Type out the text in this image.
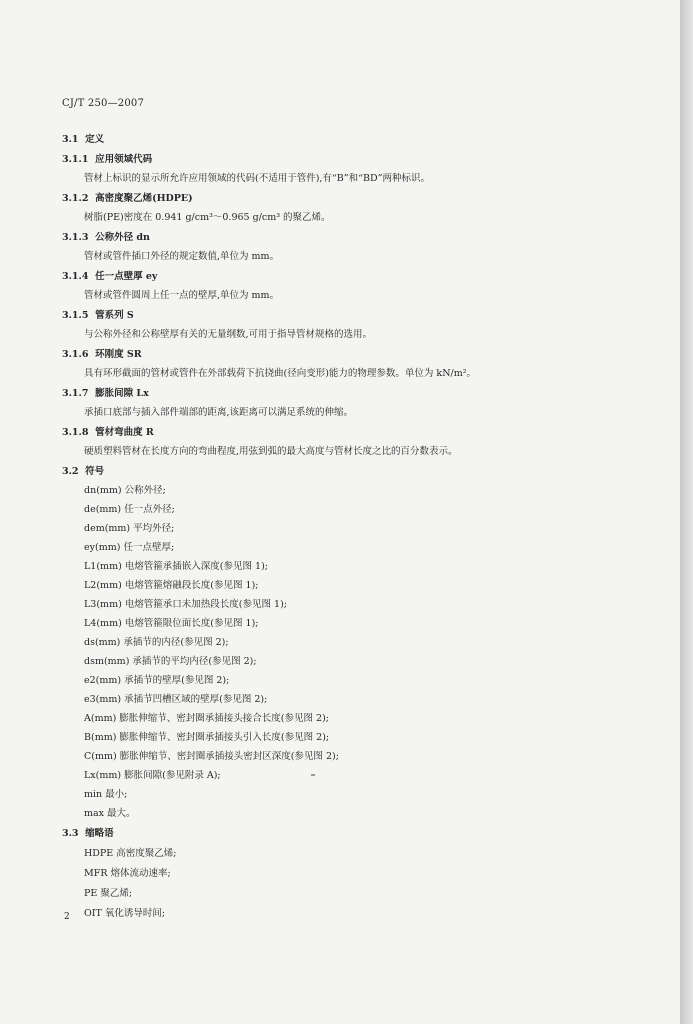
CJ/T 250—2007
3.1 定义
3.1.1 应用领域代码
管材上标识的显示所允许应用领域的代码(不适用于管件),有“B”和“BD”两种标识。
3.1.2 高密度聚乙烯(HDPE)
树脂(PE)密度在 0.941 g/cm³～0.965 g/cm³ 的聚乙烯。
3.1.3 公称外径 dn
管材或管件插口外径的规定数值,单位为 mm。
3.1.4 任一点壁厚 ey
管材或管件圆周上任一点的壁厚,单位为 mm。
3.1.5 管系列 S
与公称外径和公称壁厚有关的无量纲数,可用于指导管材规格的选用。
3.1.6 环刚度 SR
具有环形截面的管材或管件在外部载荷下抗挠曲(径向变形)能力的物理参数。单位为 kN/m²。
3.1.7 膨胀间隙 Lx
承插口底部与插入部件端部的距离,该距离可以满足系统的伸缩。
3.1.8 管材弯曲度 R
硬质塑料管材在长度方向的弯曲程度,用弦到弧的最大高度与管材长度之比的百分数表示。
3.2 符号
dn(mm) 公称外径;
de(mm) 任一点外径;
dem(mm) 平均外径;
ey(mm) 任一点壁厚;
L1(mm) 电熔管箍承插嵌入深度(参见图 1);
L2(mm) 电熔管箍熔融段长度(参见图 1);
L3(mm) 电熔管箍承口未加热段长度(参见图 1);
L4(mm) 电熔管箍限位面长度(参见图 1);
ds(mm) 承插节的内径(参见图 2);
dsm(mm) 承插节的平均内径(参见图 2);
e2(mm) 承插节的壁厚(参见图 2);
e3(mm) 承插节凹槽区域的壁厚(参见图 2);
A(mm) 膨胀伸缩节、密封圈承插接头接合长度(参见图 2);
B(mm) 膨胀伸缩节、密封圈承插接头引入长度(参见图 2);
C(mm) 膨胀伸缩节、密封圈承插接头密封区深度(参见图 2);
Lx(mm) 膨胀间隙(参见附录 A);
min 最小;
max 最大。
3.3 缩略语
HDPE 高密度聚乙烯;
MFR 熔体流动速率;
PE 聚乙烯;
OIT 氧化诱导时间;
2
